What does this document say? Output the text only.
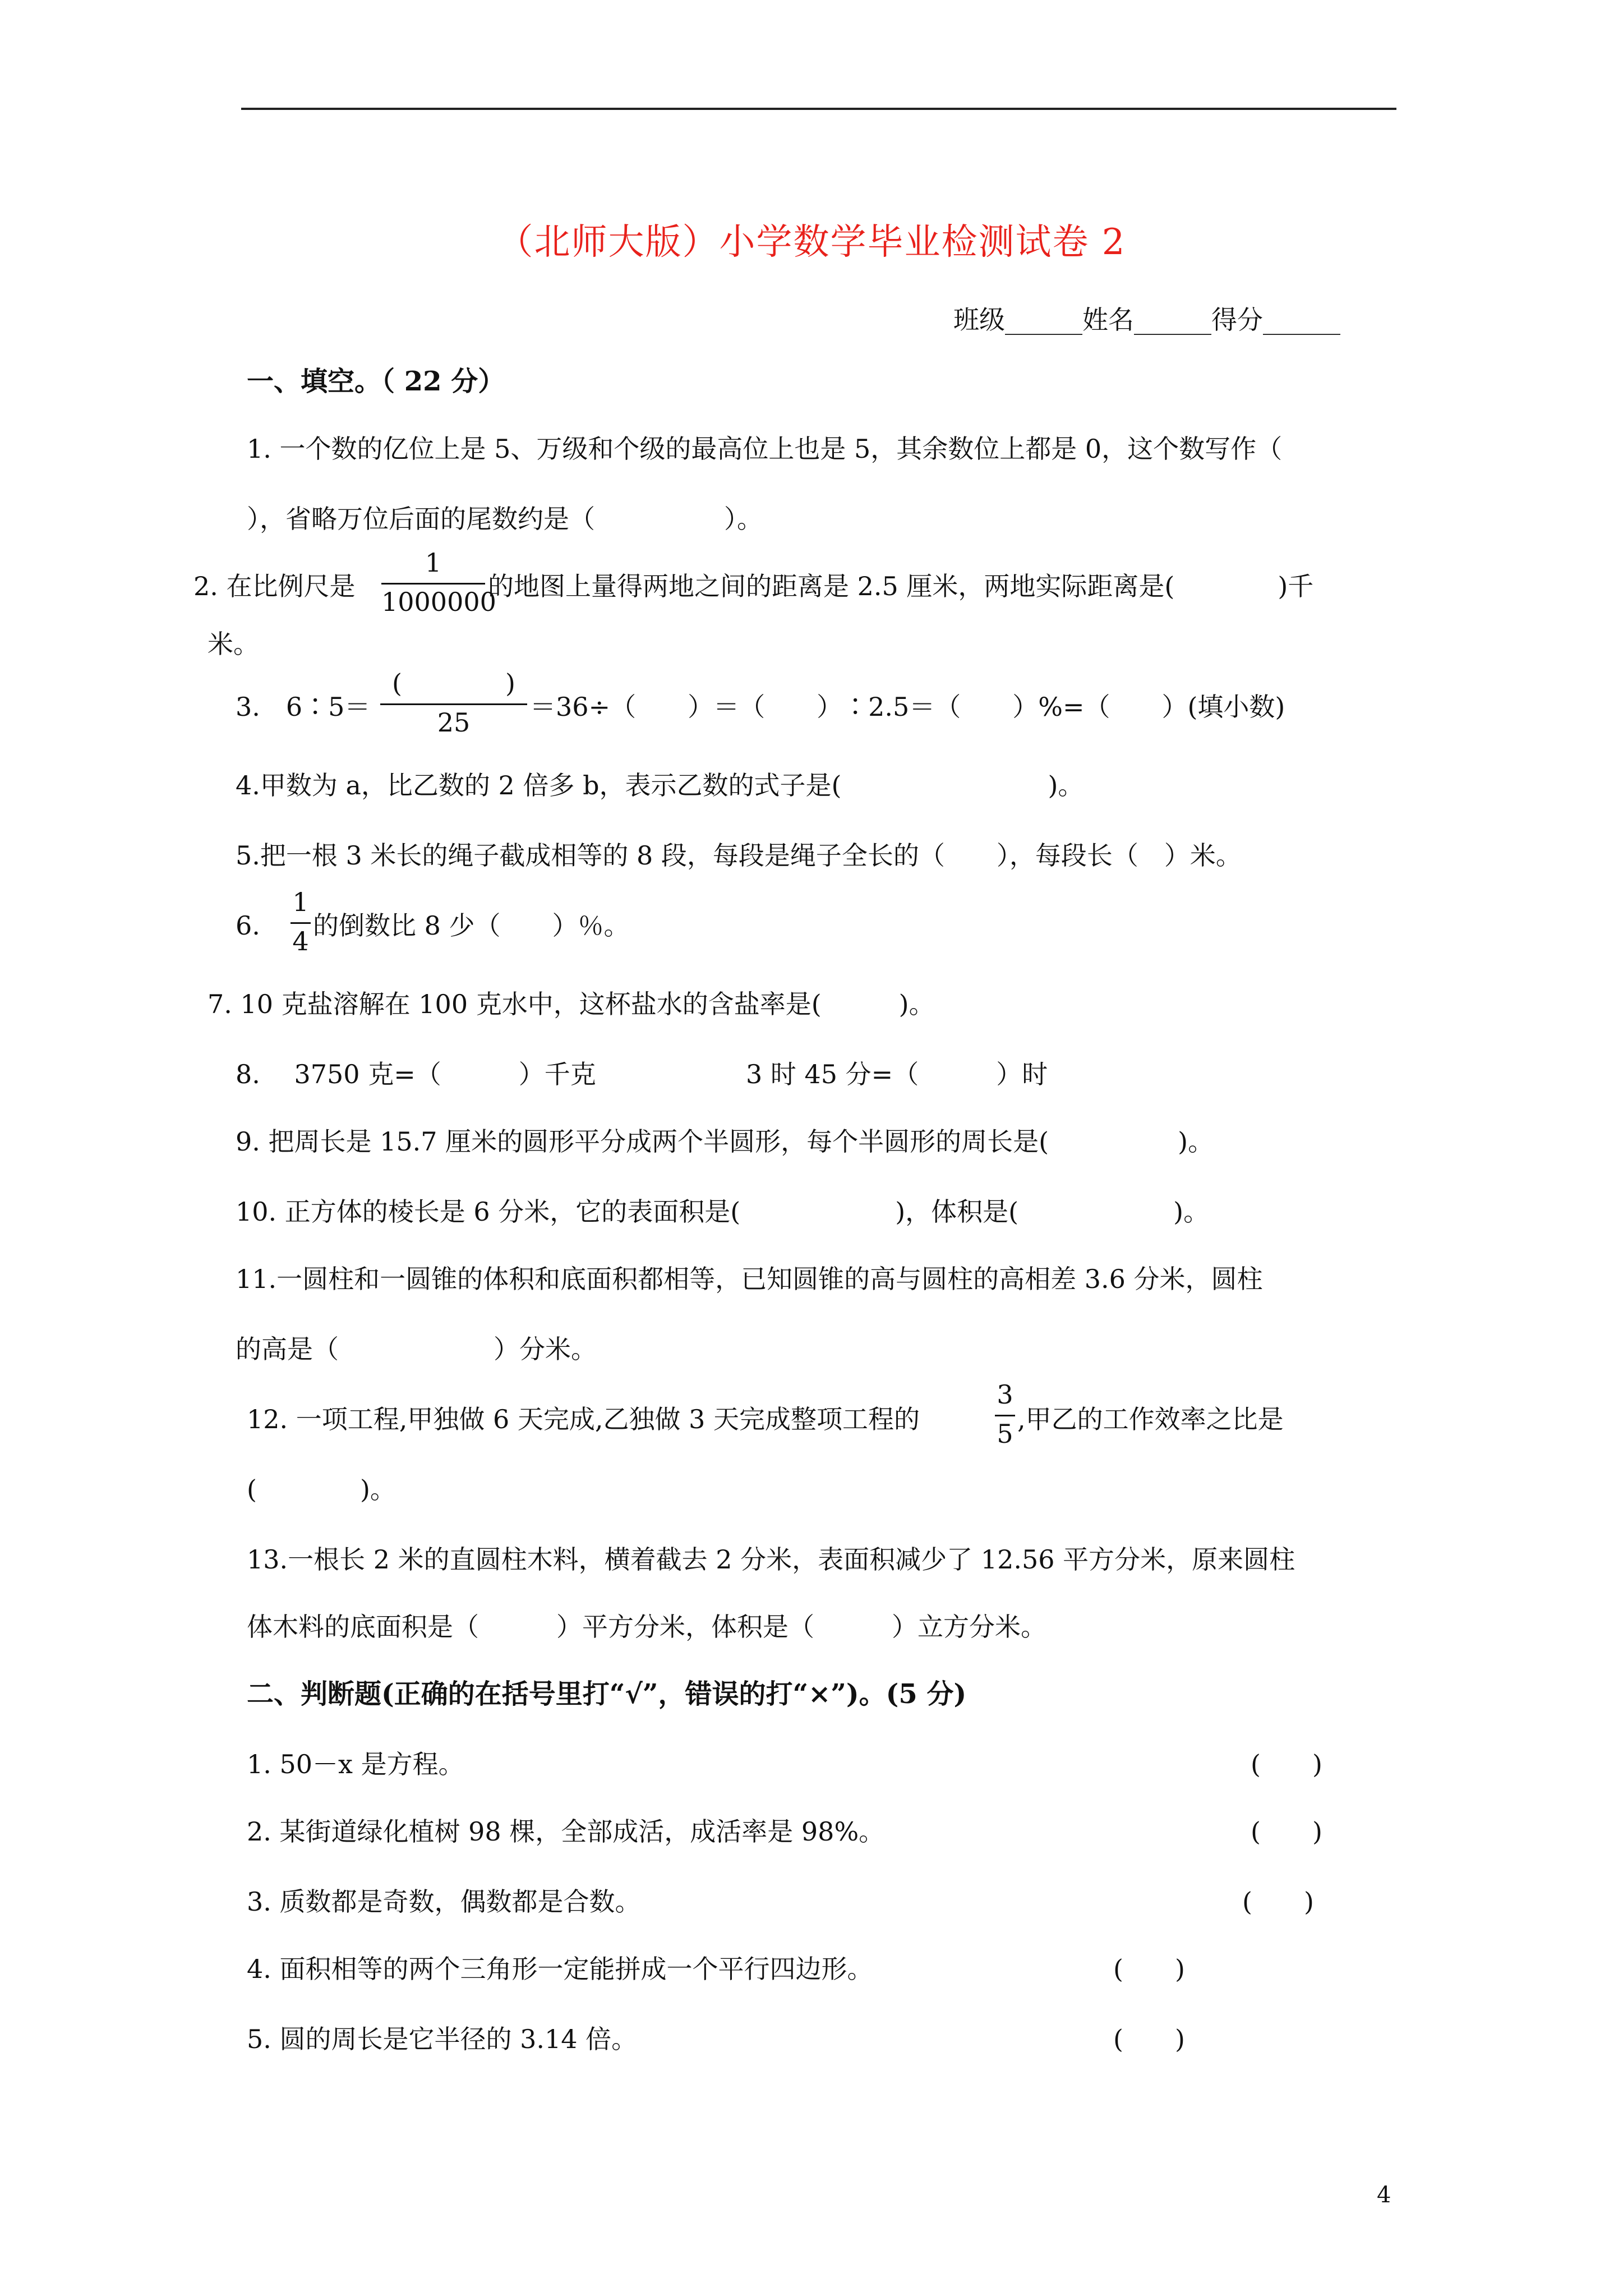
（北师大版）小学数学毕业检测试卷 2
班级______姓名______得分______
一、填空。（ 22 分）
1. 一个数的亿位上是 5、万级和个级的最高位上也是 5，其余数位上都是 0，这个数写作（
），省略万位后面的尾数约是（　　　　　）。
2. 在比例尺是
1
1000000
的地图上量得两地之间的距离是 2.5 厘米，两地实际距离是(　　　　)千
米。
3.　6∶5＝
(　　　　)
25
＝36÷（　　）＝（　　）∶2.5＝（　　）%=（　　）(填小数)
4.甲数为 a，比乙数的 2 倍多 b，表示乙数的式子是(　　　　　　　　)。
5.把一根 3 米长的绳子截成相等的 8 段，每段是绳子全长的（　　），每段长（　）米。
6.
1
4
的倒数比 8 少（　　）％。
7. 10 克盐溶解在 100 克水中，这杯盐水的含盐率是(　　　)。
8.　 3750 克=（　　　）千克	3 时 45 分=（　　　）时
9. 把周长是 15.7 厘米的圆形平分成两个半圆形，每个半圆形的周长是(　　　　　)。
10. 正方体的棱长是 6 分米，它的表面积是(　　　　　　)，体积是(　　　　　　)。
11.一圆柱和一圆锥的体积和底面积都相等，已知圆锥的高与圆柱的高相差 3.6 分米，圆柱
的高是（　　　　　　）分米。
12. 一项工程,甲独做 6 天完成,乙独做 3 天完成整项工程的
3
5 ,甲乙的工作效率之比是
(　　　　)。
13.一根长 2 米的直圆柱木料，横着截去 2 分米，表面积减少了 12.56 平方分米，原来圆柱
体木料的底面积是（　　　）平方分米，体积是（　　　）立方分米。
二、判断题(正确的在括号里打“√”，错误的打“×”)。(5 分)
1. 50－x 是方程。	(　　)
2. 某街道绿化植树 98 棵，全部成活，成活率是 98%。	(　　)
3. 质数都是奇数，偶数都是合数。	(　　)
4. 面积相等的两个三角形一定能拼成一个平行四边形。	(　　)
5. 圆的周长是它半径的 3.14 倍。	(　　)
4
